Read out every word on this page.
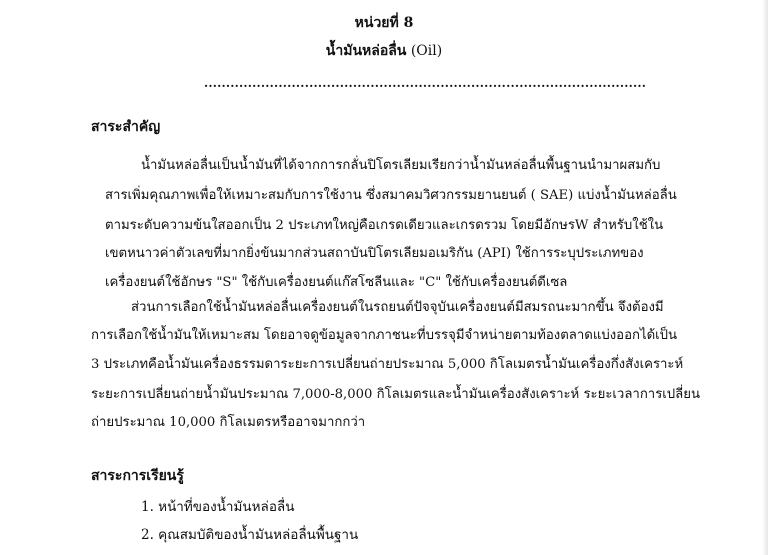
หน่วยที่ 8
น้ำมันหล่อลื่น (Oil)
.....................................................................................................
สาระสำคัญ
น้ำมันหล่อลื่นเป็นน้ำมันที่ได้จากการกลั่นปิโตรเลียมเรียกว่าน้ำมันหล่อลื่นพื้นฐานนำมาผสมกับ
สารเพิ่มคุณภาพเพื่อให้เหมาะสมกับการใช้งาน ซึ่งสมาคมวิศวกรรมยานยนต์ ( SAE) แบ่งน้ำมันหล่อลื่น
ตามระดับความข้นใสออกเป็น 2 ประเภทใหญ่คือเกรดเดียวและเกรดรวม โดยมีอักษรW สำหรับใช้ใน
เขตหนาวค่าตัวเลขที่มากยิ่งข้นมากส่วนสถาบันปิโตรเลียมอเมริกัน (API) ใช้การระบุประเภทของ
เครื่องยนต์ใช้อักษร "S" ใช้กับเครื่องยนต์แก๊สโซลีนและ "C" ใช้กับเครื่องยนต์ดีเซล
ส่วนการเลือกใช้น้ำมันหล่อลื่นเครื่องยนต์ในรถยนต์ปัจจุบันเครื่องยนต์มีสมรถนะมากขึ้น จึงต้องมี
การเลือกใช้น้ำมันให้เหมาะสม โดยอาจดูข้อมูลจากภาชนะที่บรรจุมีจำหน่ายตามท้องตลาดแบ่งออกได้เป็น
3 ประเภทคือน้ำมันเครื่องธรรมดาระยะการเปลี่ยนถ่ายประมาณ 5,000 กิโลเมตรน้ำมันเครื่องกึ่งสังเคราะห์
ระยะการเปลี่ยนถ่ายน้ำมันประมาณ 7,000-8,000 กิโลเมตรและน้ำมันเครื่องสังเคราะห์ ระยะเวลาการเปลี่ยน
ถ่ายประมาณ 10,000 กิโลเมตรหรืออาจมากกว่า
สาระการเรียนรู้
1. หน้าที่ของน้ำมันหล่อลื่น
2. คุณสมบัติของน้ำมันหล่อลื่นพื้นฐาน
